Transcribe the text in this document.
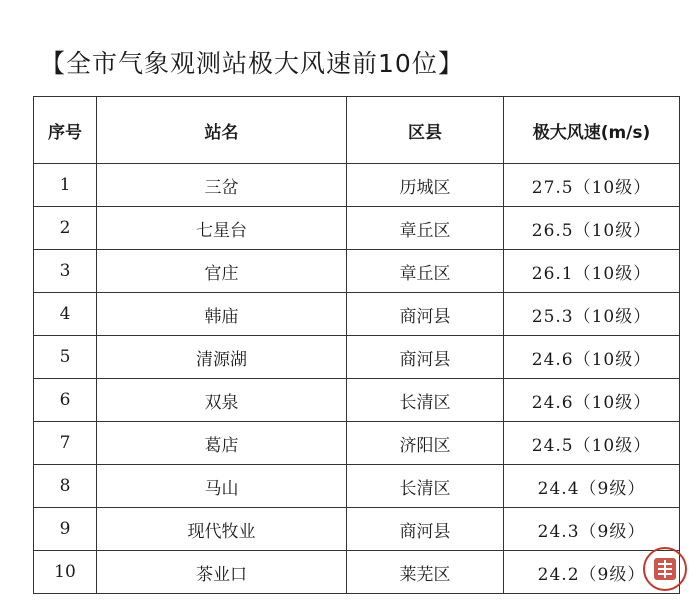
【全市气象观测站极大风速前10位】
序号	站名	区县	极大风速(m/s)
1	三岔	历城区	27.5（10级）
2	七星台	章丘区	26.5（10级）
3	官庄	章丘区	26.1（10级）
4	韩庙	商河县	25.3（10级）
5	清源湖	商河县	24.6（10级）
6	双泉	长清区	24.6（10级）
7	葛店	济阳区	24.5（10级）
8	马山	长清区	24.4（9级）
9	现代牧业	商河县	24.3（9级）
10	茶业口	莱芜区	24.2（9级）
